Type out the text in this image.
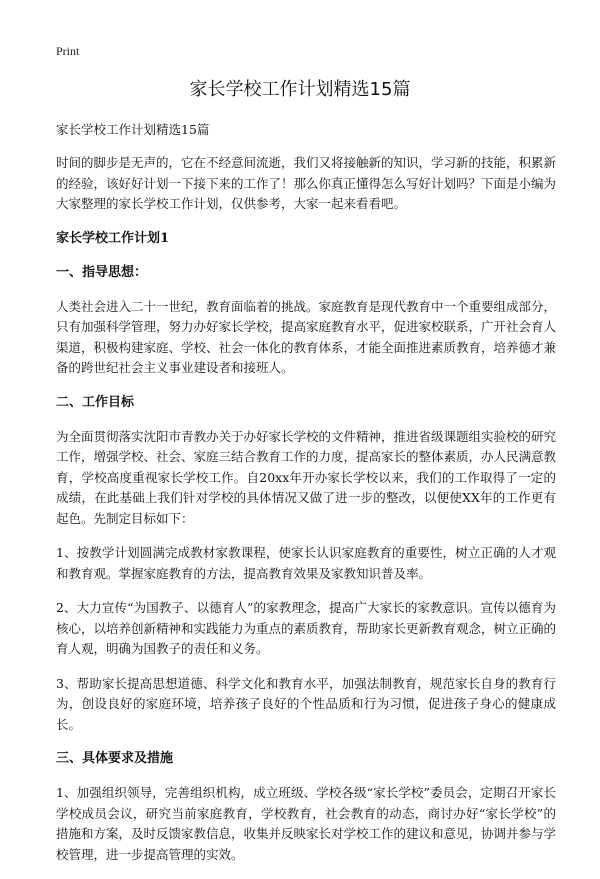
Print
家长学校工作计划精选15篇

家长学校工作计划精选15篇

时间的脚步是无声的，它在不经意间流逝，我们又将接触新的知识，学习新的技能，积累新的经验，该好好计划一下接下来的工作了！那么你真正懂得怎么写好计划吗？下面是小编为大家整理的家长学校工作计划，仅供参考，大家一起来看看吧。

家长学校工作计划1

一、指导思想：

人类社会进入二十一世纪，教育面临着的挑战。家庭教育是现代教育中一个重要组成部分，只有加强科学管理，努力办好家长学校，提高家庭教育水平，促进家校联系，广开社会育人渠道，积极构建家庭、学校、社会一体化的教育体系，才能全面推进素质教育，培养德才兼备的跨世纪社会主义事业建设者和接班人。

二、工作目标

为全面贯彻落实沈阳市青教办关于办好家长学校的文件精神，推进省级课题组实验校的研究工作，增强学校、社会、家庭三结合教育工作的力度，提高家长的整体素质，办人民满意教育，学校高度重视家长学校工作。自20xx年开办家长学校以来，我们的工作取得了一定的成绩，在此基础上我们针对学校的具体情况又做了进一步的整改，以便使XX年的工作更有起色。先制定目标如下：

1、按教学计划圆满完成教材家教课程，使家长认识家庭教育的重要性，树立正确的人才观和教育观。掌握家庭教育的方法，提高教育效果及家教知识普及率。

2、大力宣传“为国教子、以德育人”的家教理念，提高广大家长的家教意识。宣传以德育为核心，以培养创新精神和实践能力为重点的素质教育，帮助家长更新教育观念，树立正确的育人观，明确为国教子的责任和义务。

3、帮助家长提高思想道德、科学文化和教育水平，加强法制教育，规范家长自身的教育行为，创设良好的家庭环境，培养孩子良好的个性品质和行为习惯，促进孩子身心的健康成长。

三、具体要求及措施

1、加强组织领导，完善组织机构，成立班级、学校各级“家长学校”委员会，定期召开家长学校成员会议，研究当前家庭教育，学校教育，社会教育的动态，商讨办好“家长学校”的措施和方案，及时反馈家教信息，收集并反映家长对学校工作的建议和意见，协调并参与学校管理，进一步提高管理的实效。
